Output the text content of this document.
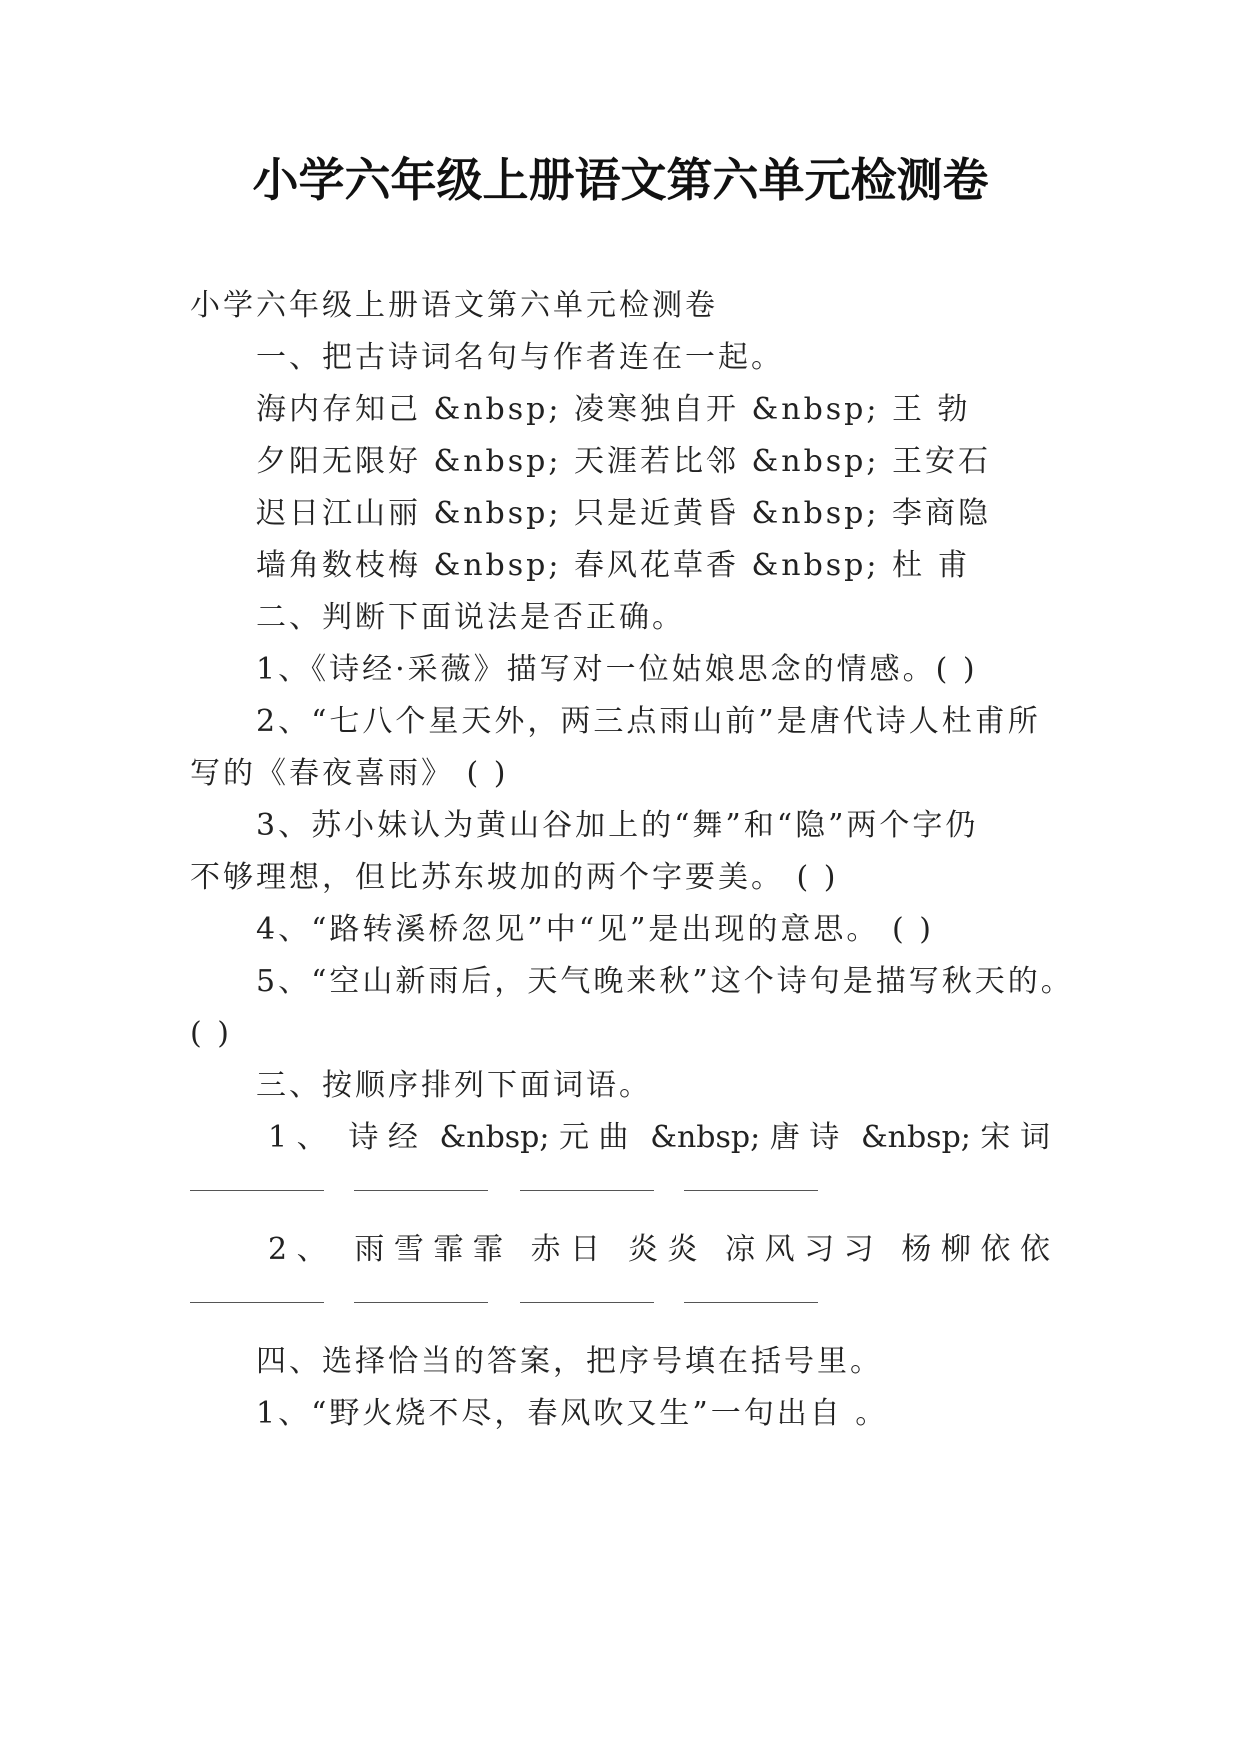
小学六年级上册语文第六单元检测卷
小学六年级上册语文第六单元检测卷
一、把古诗词名句与作者连在一起。
海内存知己 &nbsp; 凌寒独自开 &nbsp; 王 勃
夕阳无限好 &nbsp; 天涯若比邻 &nbsp; 王安石
迟日江山丽 &nbsp; 只是近黄昏 &nbsp; 李商隐
墙角数枝梅 &nbsp; 春风花草香 &nbsp; 杜 甫
二、判断下面说法是否正确。
1、《诗经·采薇》描写对一位姑娘思念的情感。( )
2、“七八个星天外，两三点雨山前”是唐代诗人杜甫所
写的《春夜喜雨》 ( )
3、苏小妹认为黄山谷加上的“舞”和“隐”两个字仍
不够理想，但比苏东坡加的两个字要美。 ( )
4、“路转溪桥忽见”中“见”是出现的意思。 ( )
5、“空山新雨后，天气晚来秋”这个诗句是描写秋天的。
( )
三、按顺序排列下面词语。
1 、 诗 经 &nbsp; 元 曲 &nbsp; 唐 诗 &nbsp; 宋 词
2 、 雨 雪 霏 霏 赤 日 炎 炎 凉 风 习 习 杨 柳 依 依
四、选择恰当的答案，把序号填在括号里。
1、“野火烧不尽，春风吹又生”一句出自 。
